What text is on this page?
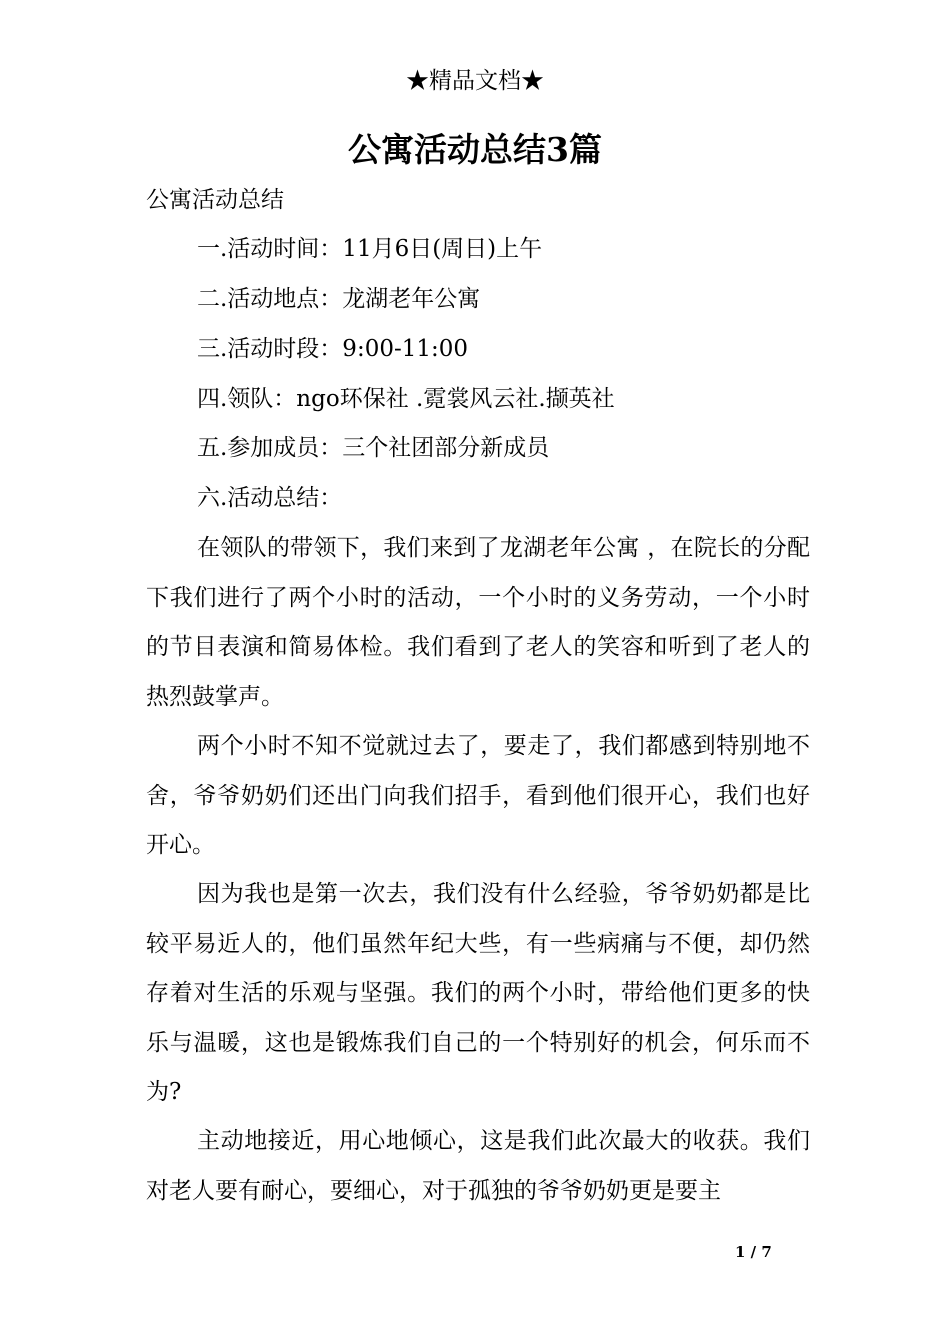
★精品文档★
公寓活动总结3篇
公寓活动总结
一.活动时间：11月6日(周日)上午
二.活动地点：龙湖老年公寓
三.活动时段：9:00-11:00
四.领队：ngo环保社 .霓裳风云社.撷英社
五.参加成员：三个社团部分新成员
六.活动总结：

在领队的带领下，我们来到了龙湖老年公寓 ，在院长的分配下我们进行了两个小时的活动，一个小时的义务劳动，一个小时的节目表演和简易体检。我们看到了老人的笑容和听到了老人的热烈鼓掌声。

两个小时不知不觉就过去了，要走了，我们都感到特别地不舍，爷爷奶奶们还出门向我们招手，看到他们很开心，我们也好开心。

因为我也是第一次去，我们没有什么经验，爷爷奶奶都是比较平易近人的，他们虽然年纪大些，有一些病痛与不便，却仍然存着对生活的乐观与坚强。我们的两个小时，带给他们更多的快乐与温暖，这也是锻炼我们自己的一个特别好的机会，何乐而不为?

主动地接近，用心地倾心，这是我们此次最大的收获。我们对老人要有耐心，要细心，对于孤独的爷爷奶奶更是要主

1 / 7
